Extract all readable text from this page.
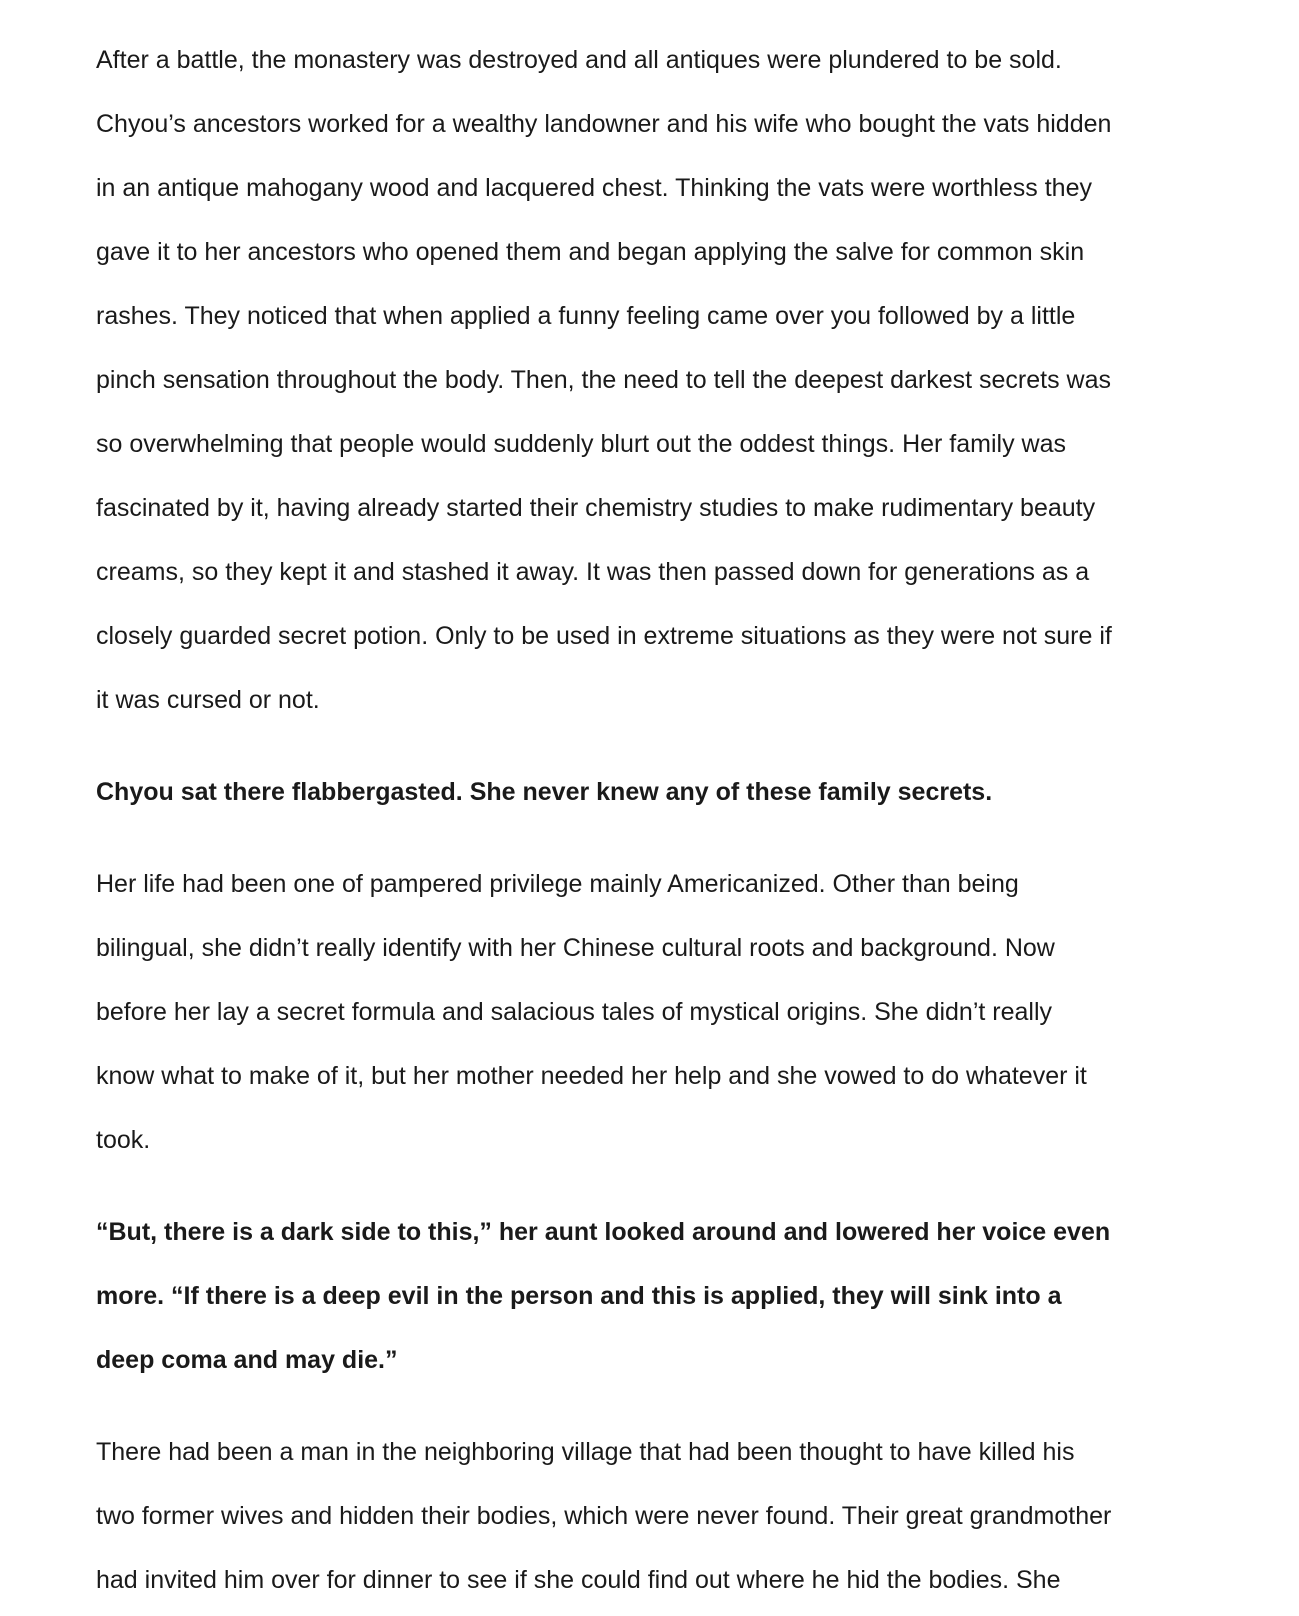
After a battle, the monastery was destroyed and all antiques were plundered to be sold.

Chyou’s ancestors worked for a wealthy landowner and his wife who bought the vats hidden

in an antique mahogany wood and lacquered chest. Thinking the vats were worthless they

gave it to her ancestors who opened them and began applying the salve for common skin

rashes. They noticed that when applied a funny feeling came over you followed by a little

pinch sensation throughout the body. Then, the need to tell the deepest darkest secrets was

so overwhelming that people would suddenly blurt out the oddest things. Her family was

fascinated by it, having already started their chemistry studies to make rudimentary beauty

creams, so they kept it and stashed it away. It was then passed down for generations as a

closely guarded secret potion. Only to be used in extreme situations as they were not sure if

it was cursed or not.

Chyou sat there flabbergasted. She never knew any of these family secrets.

Her life had been one of pampered privilege mainly Americanized. Other than being

bilingual, she didn’t really identify with her Chinese cultural roots and background. Now

before her lay a secret formula and salacious tales of mystical origins. She didn’t really

know what to make of it, but her mother needed her help and she vowed to do whatever it

took.

“But, there is a dark side to this,” her aunt looked around and lowered her voice even

more. “If there is a deep evil in the person and this is applied, they will sink into a

deep coma and may die.”

There had been a man in the neighboring village that had been thought to have killed his

two former wives and hidden their bodies, which were never found. Their great grandmother

had invited him over for dinner to see if she could find out where he hid the bodies. She
